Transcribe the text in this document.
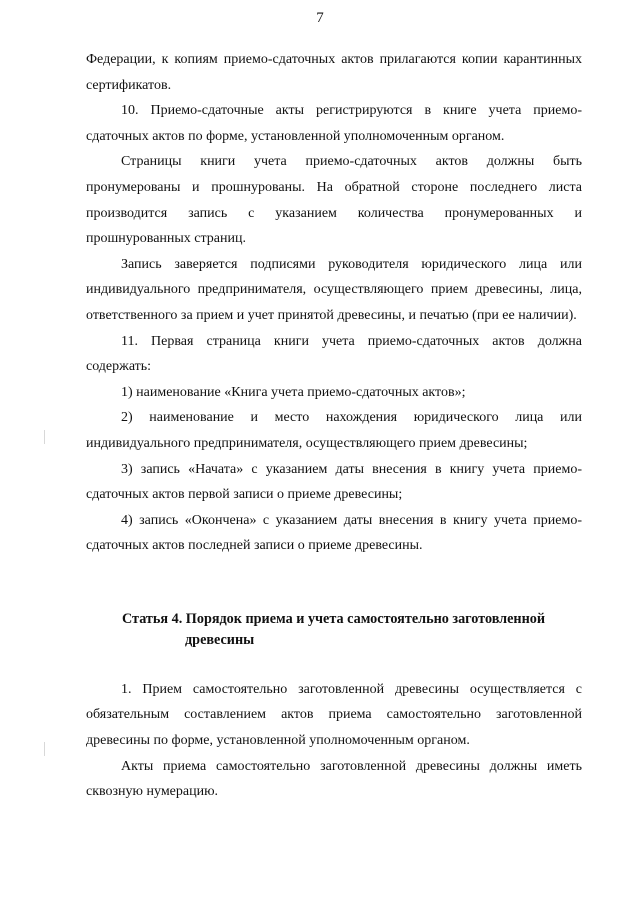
7

Федерации, к копиям приемо-сдаточных актов прилагаются копии карантинных сертификатов.

10. Приемо-сдаточные акты регистрируются в книге учета приемо-сдаточных актов по форме, установленной уполномоченным органом.

Страницы книги учета приемо-сдаточных актов должны быть пронумерованы и прошнурованы. На обратной стороне последнего листа производится запись с указанием количества пронумерованных и прошнурованных страниц.

Запись заверяется подписями руководителя юридического лица или индивидуального предпринимателя, осуществляющего прием древесины, лица, ответственного за прием и учет принятой древесины, и печатью (при ее наличии).

11. Первая страница книги учета приемо-сдаточных актов должна содержать:

1) наименование «Книга учета приемо-сдаточных актов»;

2) наименование и место нахождения юридического лица или индивидуального предпринимателя, осуществляющего прием древесины;

3) запись «Начата» с указанием даты внесения в книгу учета приемо-сдаточных актов первой записи о приеме древесины;

4) запись «Окончена» с указанием даты внесения в книгу учета приемо-сдаточных актов последней записи о приеме древесины.

Статья 4. Порядок приема и учета самостоятельно заготовленной древесины

1. Прием самостоятельно заготовленной древесины осуществляется с обязательным составлением актов приема самостоятельно заготовленной древесины по форме, установленной уполномоченным органом.

Акты приема самостоятельно заготовленной древесины должны иметь сквозную нумерацию.
